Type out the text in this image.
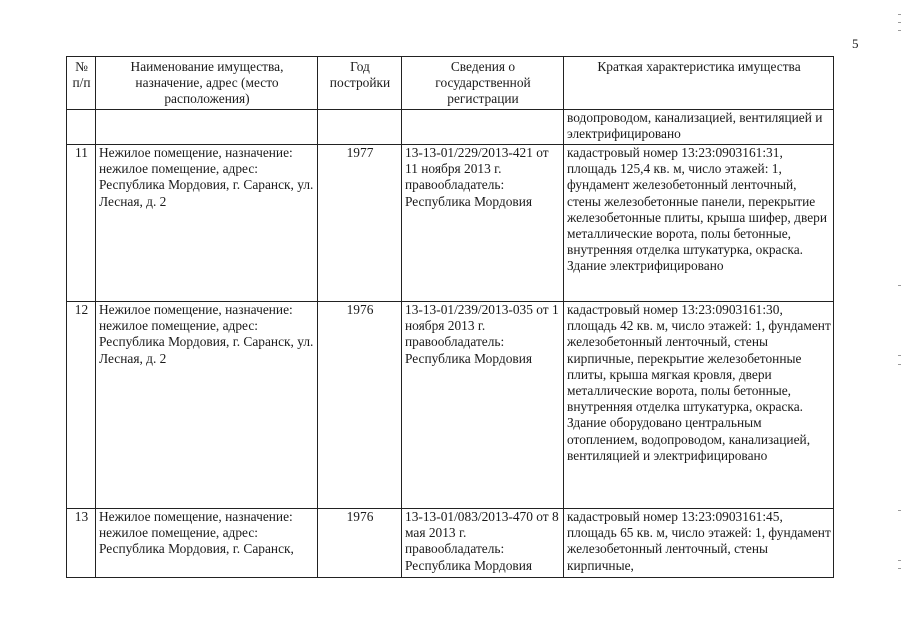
5
№ п/п	Наименование имущества, назначение, адрес (место расположения)	Год постройки	Сведения о государственной регистрации	Краткая характеристика имущества
				водопроводом, канализацией, вентиляцией и электрифицировано
11	Нежилое помещение, назначение: нежилое помещение, адрес: Республика Мордовия, г. Саранск, ул. Лесная, д. 2	1977	13-13-01/229/2013-421 от 11 ноября 2013 г. правообладатель: Республика Мордовия	кадастровый номер 13:23:0903161:31, площадь 125,4 кв. м, число этажей: 1, фундамент железобетонный ленточный, стены железобетонные панели, перекрытие железобетонные плиты, крыша шифер, двери металлические ворота, полы бетонные, внутренняя отделка штукатурка, окраска. Здание электрифицировано
12	Нежилое помещение, назначение: нежилое помещение, адрес: Республика Мордовия, г. Саранск, ул. Лесная, д. 2	1976	13-13-01/239/2013-035 от 1 ноября 2013 г. правообладатель: Республика Мордовия	кадастровый номер 13:23:0903161:30, площадь 42 кв. м, число этажей: 1, фундамент железобетонный ленточный, стены кирпичные, перекрытие железобетонные плиты, крыша мягкая кровля, двери металлические ворота, полы бетонные, внутренняя отделка штукатурка, окраска. Здание оборудовано центральным отоплением, водопроводом, канализацией, вентиляцией и электрифицировано
13	Нежилое помещение, назначение: нежилое помещение, адрес: Республика Мордовия, г. Саранск,	1976	13-13-01/083/2013-470 от 8 мая 2013 г. правообладатель: Республика Мордовия	кадастровый номер 13:23:0903161:45, площадь 65 кв. м, число этажей: 1, фундамент железобетонный ленточный, стены кирпичные,
